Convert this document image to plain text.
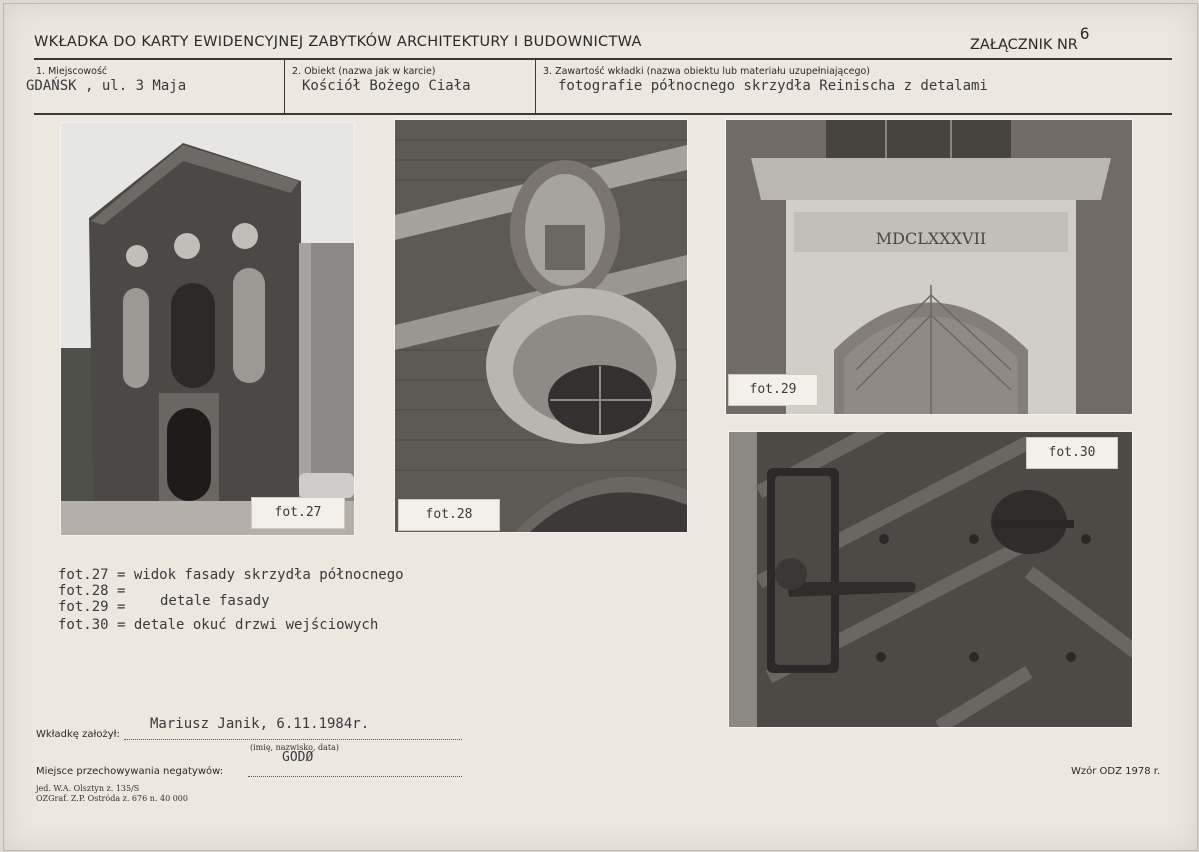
WKŁADKA DO KARTY EWIDENCYJNEJ ZABYTKÓW ARCHITEKTURY I BUDOWNICTWA	ZAŁĄCZNIK NR6
1. Miejscowość
GDAŃSK , ul. 3 Maja
2. Obiekt (nazwa jak w karcie)
Kościół Bożego Ciała
3. Zawartość wkładki (nazwa obiektu lub materiału uzupełniającego)
fotografie północnego skrzydła Reinischa z detalami
fot.27	fot.28
MDCLXXXVII
fot.29
fot.30
fot.27 = widok fasady skrzydła północnego
fot.28 =
fot.29 = detale fasady
fot.30 = detale okuć drzwi wejściowych
Wkładkę założył:
Mariusz Janik, 6.11.1984r.
(imię, nazwisko, data)
GODØ
Miejsce przechowywania negatywów:	Wzór ODZ 1978 r.
jed. W.A. Olsztyn z. 135/S
OZGraf. Z.P. Ostróda z. 676 n. 40 000
